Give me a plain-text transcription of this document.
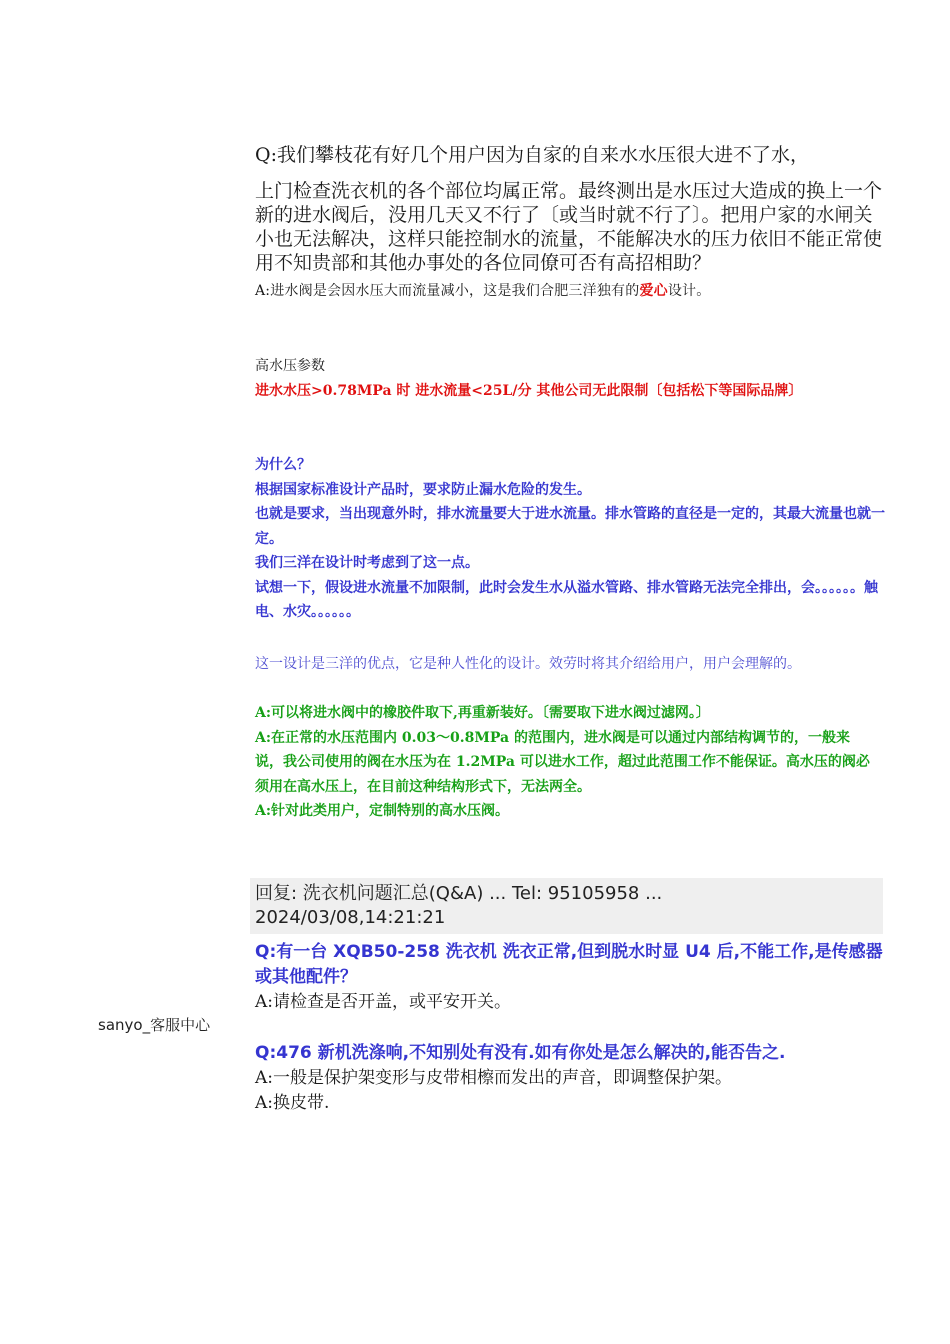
Q:我们攀枝花有好几个用户因为自家的自来水水压很大进不了水，
上门检查洗衣机的各个部位均属正常。最终测出是水压过大造成的换上一个新的进水阀后，没用几天又不行了〔或当时就不行了〕。把用户家的水闸关小也无法解决，这样只能控制水的流量，不能解决水的压力依旧不能正常使用不知贵部和其他办事处的各位同僚可否有高招相助？
A:进水阀是会因水压大而流量减小，这是我们合肥三洋独有的爱心设计。
高水压参数
进水水压>0.78MPa 时 进水流量<25L/分 其他公司无此限制〔包括松下等国际品牌〕
为什么？
根据国家标准设计产品时，要求防止漏水危险的发生。
也就是要求，当出现意外时，排水流量要大于进水流量。排水管路的直径是一定的，其最大流量也就一定。
我们三洋在设计时考虑到了这一点。
试想一下，假设进水流量不加限制，此时会发生水从溢水管路、排水管路无法完全排出，会。。。。。。触电、水灾。。。。。。
这一设计是三洋的优点，它是种人性化的设计。效劳时将其介绍给用户，用户会理解的。
A:可以将进水阀中的橡胶件取下,再重新装好。〔需要取下进水阀过滤网。〕
A:在正常的水压范围内 0.03～0.8MPa 的范围内，进水阀是可以通过内部结构调节的，一般来说，我公司使用的阀在水压为在 1.2MPa 可以进水工作，超过此范围工作不能保证。高水压的阀必须用在高水压上，在目前这种结构形式下，无法两全。
A:针对此类用户，定制特别的高水压阀。
回复: 洗衣机问题汇总(Q&A) ... Tel: 95105958 ...
2024/03/08,14:21:21
sanyo_客服中心
Q:有一台 XQB50-258 洗衣机 洗衣正常,但到脱水时显 U4 后,不能工作,是传感器或其他配件？
A:请检查是否开盖，或平安开关。
Q:476 新机洗涤响,不知别处有没有.如有你处是怎么解决的,能否告之.
A:一般是保护架变形与皮带相檫而发出的声音，即调整保护架。
A:换皮带.
